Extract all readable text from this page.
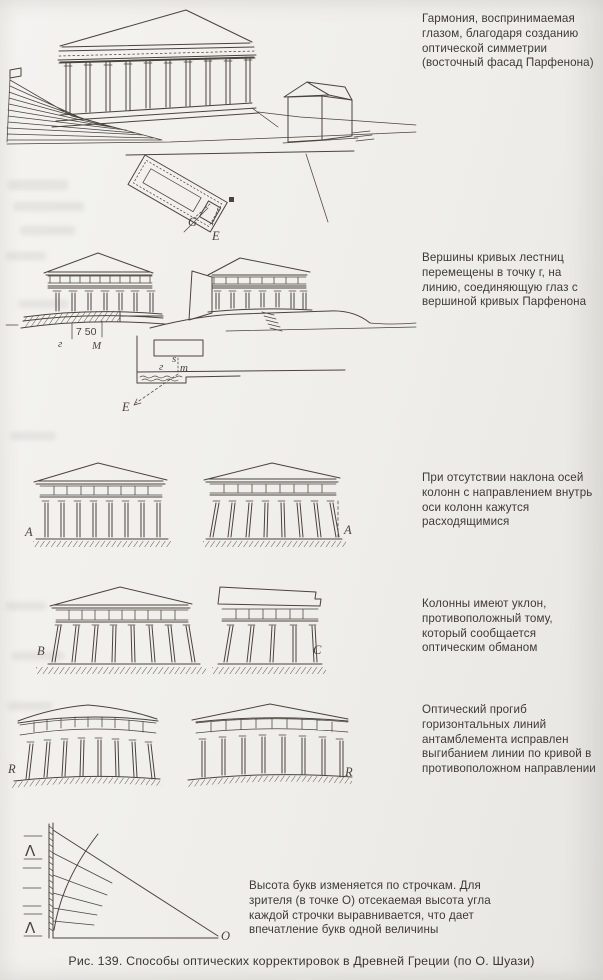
G
E
7 50
г	М
s
г т
E
A	A
B	C
R	R
Λ
Λ	O
Гармония, воспринимаемая глазом, благодаря созданию оптической симметрии (восточный фасад Парфенона)
Вершины кривых лестниц перемещены в точку г, на линию, соединяющую глаз с вершиной кривых Парфенона
При отсутствии наклона осей колонн с направлением внутрь оси колонн кажутся расходящимися
Колонны имеют уклон, противоположный тому, который сообщается оптическим обманом
Оптический прогиб горизонтальных линий антамблемента исправлен выгибанием линии по кривой в противоположном направлении
Высота букв изменяется по строчкам. Для зрителя (в точке О) отсекаемая высота угла каждой строчки выравнивается, что дает впечатление букв одной величины
Рис. 139. Способы оптических корректировок в Древней Греции (по О. Шуази)
